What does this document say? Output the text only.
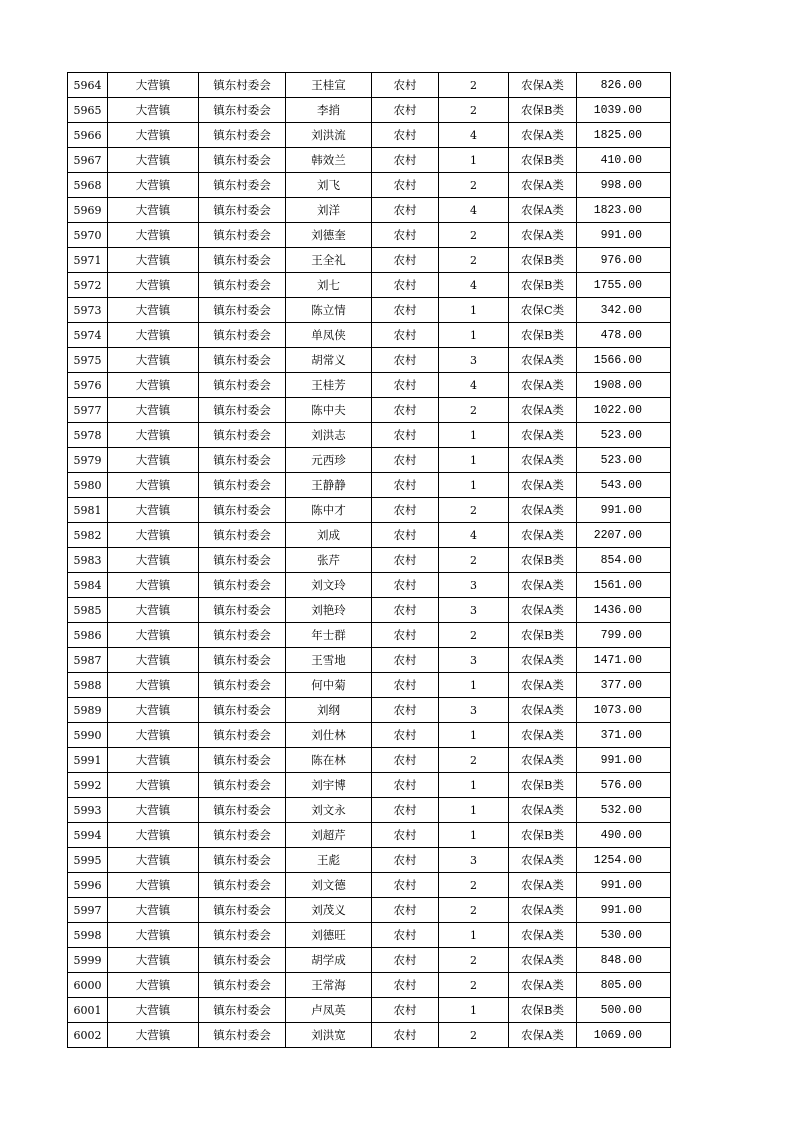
5964	大营镇	镇东村委会	王桂宣	农村	2	农保A类	826.00
5965	大营镇	镇东村委会	李捎	农村	2	农保B类	1039.00
5966	大营镇	镇东村委会	刘洪流	农村	4	农保A类	1825.00
5967	大营镇	镇东村委会	韩效兰	农村	1	农保B类	410.00
5968	大营镇	镇东村委会	刘飞	农村	2	农保A类	998.00
5969	大营镇	镇东村委会	刘洋	农村	4	农保A类	1823.00
5970	大营镇	镇东村委会	刘德奎	农村	2	农保A类	991.00
5971	大营镇	镇东村委会	王全礼	农村	2	农保B类	976.00
5972	大营镇	镇东村委会	刘七	农村	4	农保B类	1755.00
5973	大营镇	镇东村委会	陈立情	农村	1	农保C类	342.00
5974	大营镇	镇东村委会	单凤侠	农村	1	农保B类	478.00
5975	大营镇	镇东村委会	胡常义	农村	3	农保A类	1566.00
5976	大营镇	镇东村委会	王桂芳	农村	4	农保A类	1908.00
5977	大营镇	镇东村委会	陈中夫	农村	2	农保A类	1022.00
5978	大营镇	镇东村委会	刘洪志	农村	1	农保A类	523.00
5979	大营镇	镇东村委会	元西珍	农村	1	农保A类	523.00
5980	大营镇	镇东村委会	王静静	农村	1	农保A类	543.00
5981	大营镇	镇东村委会	陈中才	农村	2	农保A类	991.00
5982	大营镇	镇东村委会	刘成	农村	4	农保A类	2207.00
5983	大营镇	镇东村委会	张芹	农村	2	农保B类	854.00
5984	大营镇	镇东村委会	刘文玲	农村	3	农保A类	1561.00
5985	大营镇	镇东村委会	刘艳玲	农村	3	农保A类	1436.00
5986	大营镇	镇东村委会	年士群	农村	2	农保B类	799.00
5987	大营镇	镇东村委会	王雪地	农村	3	农保A类	1471.00
5988	大营镇	镇东村委会	何中菊	农村	1	农保A类	377.00
5989	大营镇	镇东村委会	刘纲	农村	3	农保A类	1073.00
5990	大营镇	镇东村委会	刘仕林	农村	1	农保A类	371.00
5991	大营镇	镇东村委会	陈在林	农村	2	农保A类	991.00
5992	大营镇	镇东村委会	刘宇博	农村	1	农保B类	576.00
5993	大营镇	镇东村委会	刘文永	农村	1	农保A类	532.00
5994	大营镇	镇东村委会	刘超芹	农村	1	农保B类	490.00
5995	大营镇	镇东村委会	王彪	农村	3	农保A类	1254.00
5996	大营镇	镇东村委会	刘文德	农村	2	农保A类	991.00
5997	大营镇	镇东村委会	刘茂义	农村	2	农保A类	991.00
5998	大营镇	镇东村委会	刘德旺	农村	1	农保A类	530.00
5999	大营镇	镇东村委会	胡学成	农村	2	农保A类	848.00
6000	大营镇	镇东村委会	王常海	农村	2	农保A类	805.00
6001	大营镇	镇东村委会	卢凤英	农村	1	农保B类	500.00
6002	大营镇	镇东村委会	刘洪宽	农村	2	农保A类	1069.00
